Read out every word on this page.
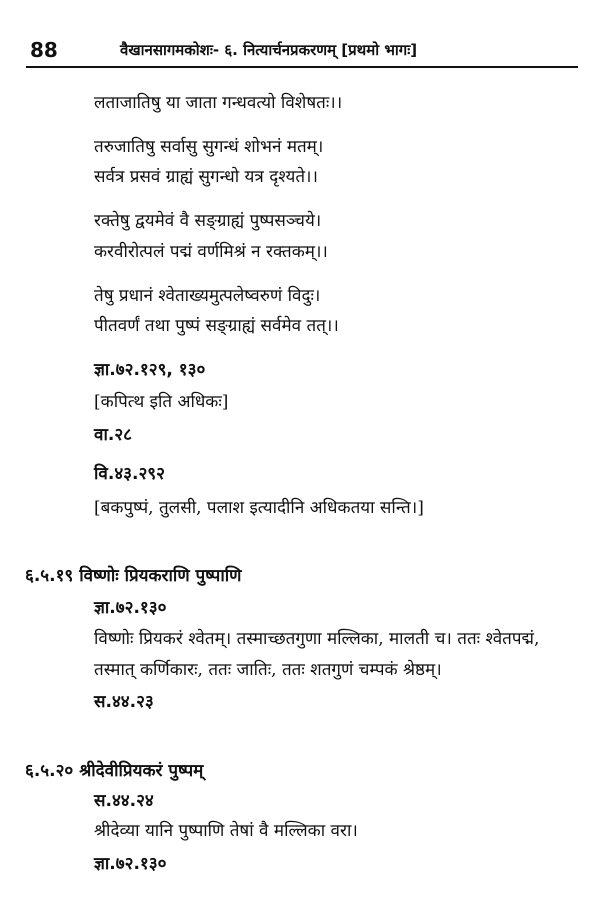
88	वैखानसागमकोशः- ६. नित्यार्चनप्रकरणम् [प्रथमो भागः]
लताजातिषु या जाता गन्धवत्यो विशेषतः।।
तरुजातिषु सर्वासु सुगन्धं शोभनं मतम्।
सर्वत्र प्रसवं ग्राह्यं सुगन्धो यत्र दृश्यते।।
रक्तेषु द्वयमेवं वै सङ्ग्राह्यं पुष्पसञ्चये।
करवीरोत्पलं पद्मं वर्णमिश्रं न रक्तकम्।।
तेषु प्रधानं श्वेताख्यमुत्पलेष्वरुणं विदुः।
पीतवर्णं तथा पुष्पं सङ्ग्राह्यं सर्वमेव तत्।।
ज्ञा.७२.१२९, १३०
[कपित्थ इति अधिकः]
वा.२८
वि.४३.२९२
[बकपुष्पं, तुलसी, पलाश इत्यादीनि अधिकतया सन्ति।]
६.५.१९ विष्णोः प्रियकराणि पुष्पाणि
ज्ञा.७२.१३०
विष्णोः प्रियकरं श्वेतम्। तस्माच्छतगुणा मल्लिका, मालती च। ततः श्वेतपद्मं,
तस्मात् कर्णिकारः, ततः जातिः, ततः शतगुणं चम्पकं श्रेष्ठम्।
स.४४.२३
६.५.२० श्रीदेवीप्रियकरं पुष्पम्
स.४४.२४
श्रीदेव्या यानि पुष्पाणि तेषां वै मल्लिका वरा।
ज्ञा.७२.१३०
